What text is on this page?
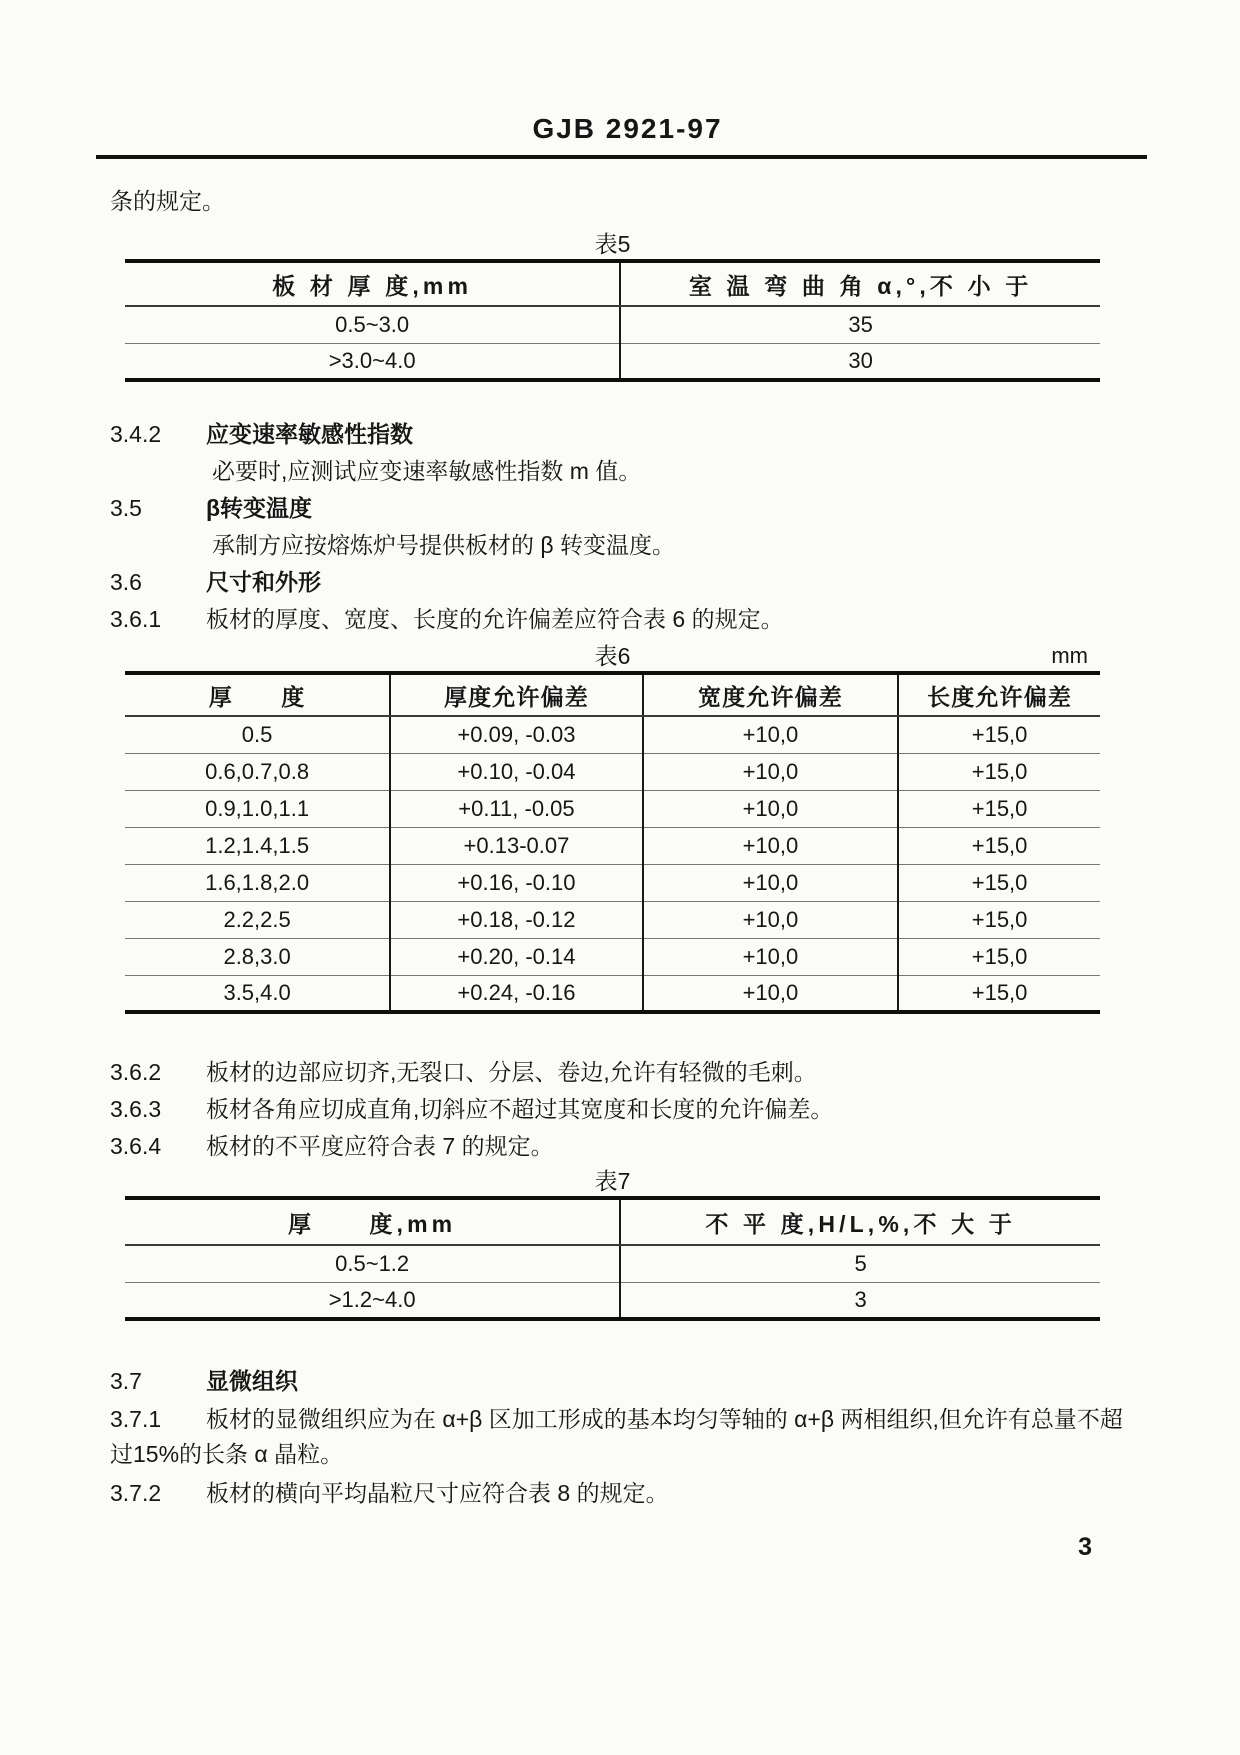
GJB 2921-97
条的规定。
表5
板 材 厚 度,mm	室 温 弯 曲 角 α,°,不 小 于
0.5~3.0	35
>3.0~4.0	30
3.4.2	应变速率敏感性指数
必要时,应测试应变速率敏感性指数 m 值。
3.5	β转变温度
承制方应按熔炼炉号提供板材的 β 转变温度。
3.6	尺寸和外形
3.6.1	板材的厚度、宽度、长度的允许偏差应符合表 6 的规定。
表6	mm
厚　　度	厚度允许偏差	宽度允许偏差	长度允许偏差
0.5	+0.09, -0.03	+10,0	+15,0
0.6,0.7,0.8	+0.10, -0.04	+10,0	+15,0
0.9,1.0,1.1	+0.11, -0.05	+10,0	+15,0
1.2,1.4,1.5	+0.13-0.07	+10,0	+15,0
1.6,1.8,2.0	+0.16, -0.10	+10,0	+15,0
2.2,2.5	+0.18, -0.12	+10,0	+15,0
2.8,3.0	+0.20, -0.14	+10,0	+15,0
3.5,4.0	+0.24, -0.16	+10,0	+15,0
3.6.2	板材的边部应切齐,无裂口、分层、卷边,允许有轻微的毛刺。
3.6.3	板材各角应切成直角,切斜应不超过其宽度和长度的允许偏差。
3.6.4	板材的不平度应符合表 7 的规定。
表7
厚　　度,mm	不 平 度,H/L,%,不 大 于
0.5~1.2	5
>1.2~4.0	3
3.7	显微组织
3.7.1 板材的显微组织应为在 α+β 区加工形成的基本均匀等轴的 α+β 两相组织,但允许有总量不超过15%的长条 α 晶粒。
3.7.2	板材的横向平均晶粒尺寸应符合表 8 的规定。
3
